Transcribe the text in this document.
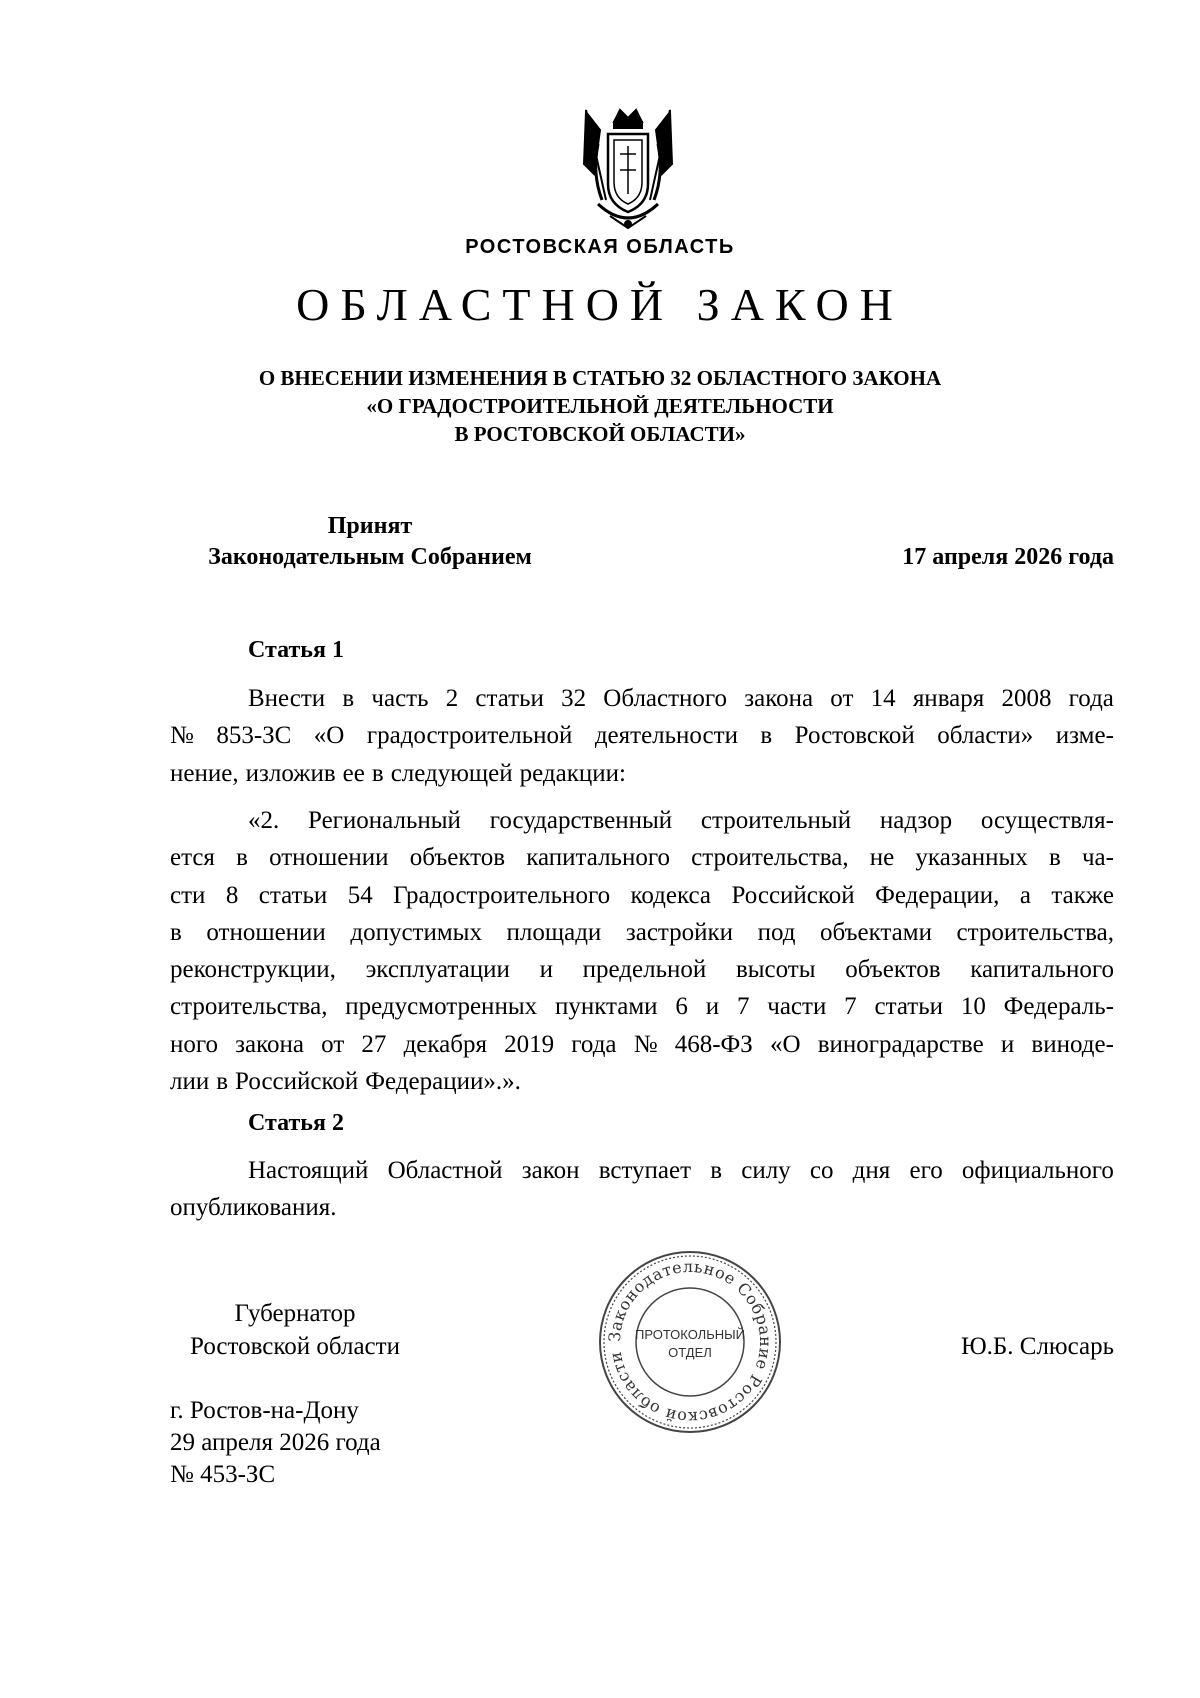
РОСТОВСКАЯ ОБЛАСТЬ
ОБЛАСТНОЙ ЗАКОН
О ВНЕСЕНИИ ИЗМЕНЕНИЯ В СТАТЬЮ 32 ОБЛАСТНОГО ЗАКОНА
«О ГРАДОСТРОИТЕЛЬНОЙ ДЕЯТЕЛЬНОСТИ
В РОСТОВСКОЙ ОБЛАСТИ»
Принят
Законодательным Собранием	17 апреля 2026 года
Статья 1
Внести в часть 2 статьи 32 Областного закона от 14 января 2008 года
№ 853-ЗС «О градостроительной деятельности в Ростовской области» изме-
нение, изложив ее в следующей редакции:
«2. Региональный государственный строительный надзор осуществля-
ется в отношении объектов капитального строительства, не указанных в ча-
сти 8 статьи 54 Градостроительного кодекса Российской Федерации, а также
в отношении допустимых площади застройки под объектами строительства,
реконструкции, эксплуатации и предельной высоты объектов капитального
строительства, предусмотренных пунктами 6 и 7 части 7 статьи 10 Федераль-
ного закона от 27 декабря 2019 года № 468-ФЗ «О виноградарстве и виноде-
лии в Российской Федерации».».
Статья 2
Настоящий Областной закон вступает в силу со дня его официального
опубликования.
Губернатор
Ростовской области	Ю.Б. Слюсарь
Законодательное Собрание Ростовской области
ПРОТОКОЛЬНЫЙ
ОТДЕЛ
г. Ростов-на-Дону
29 апреля 2026 года
№ 453-ЗС
